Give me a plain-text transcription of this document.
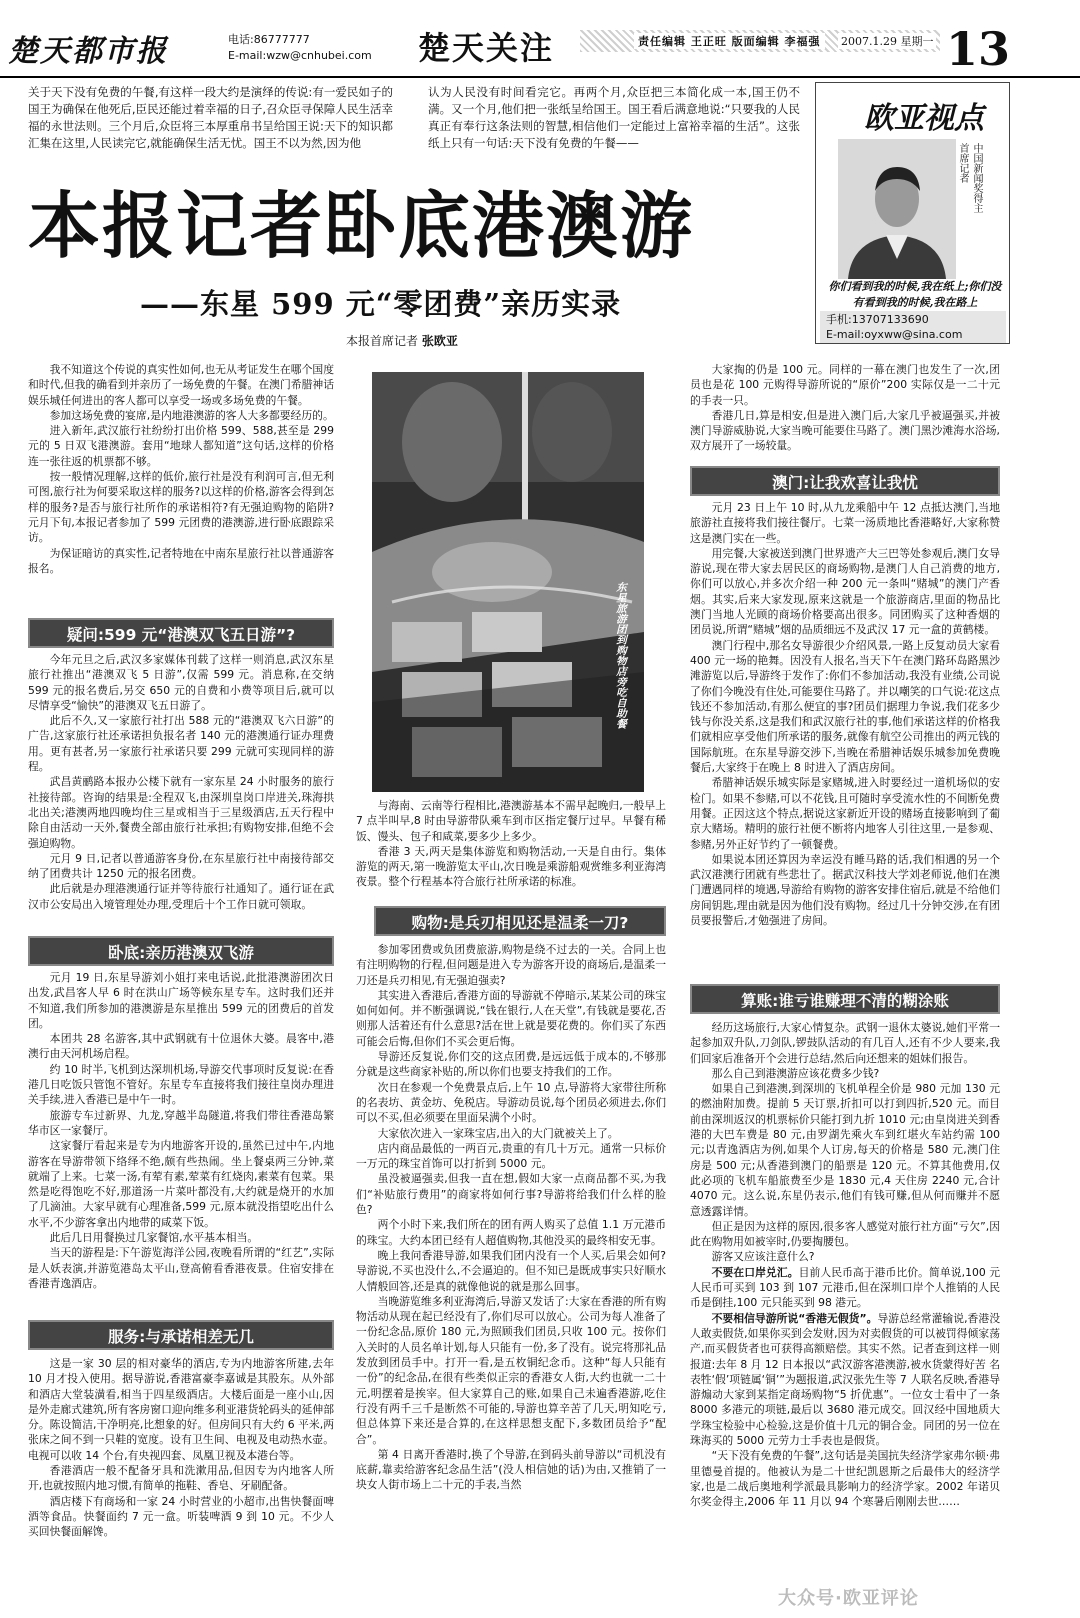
楚天都市报	电话:86777777
E-mail:wzw@cnhubei.com 楚天关注	责任编辑 王正旺 版面编辑 李福强	2007.1.29 星期一 13
关于天下没有免费的午餐,有这样一段大约是演绎的传说:有一爱民如子的国王为确保在他死后,臣民还能过着幸福的日子,召众臣寻保障人民生活幸福的永世法则。三个月后,众臣将三本厚重帛书呈给国王说:天下的知识都汇集在这里,人民读完它,就能确保生活无忧。国王不以为然,因为他
认为人民没有时间看完它。再两个月,众臣把三本简化成一本,国王仍不满。又一个月,他们把一张纸呈给国王。国王看后满意地说:“只要我的人民真正有奉行这条法则的智慧,相信他们一定能过上富裕幸福的生活”。这张纸上只有一句话:天下没有免费的午餐——
本报记者卧底港澳游
——东星 599 元“零团费”亲历实录
本报首席记者 张欧亚
欧亚视点
首席记者 中国新闻奖得主
你们看到我的时候,我在纸上;你们没有看到我的时候,我在路上
手机:13707133690
E-mail:oyxww@sina.com
东星旅游团到购物店旁吃自助餐

我不知道这个传说的真实性如何,也无从考证发生在哪个国度和时代,但我的确看到并亲历了一场免费的午餐。在澳门希腊神话娱乐城任何进出的客人都可以享受一场或多场免费的午餐。

参加这场免费的宴席,是内地港澳游的客人大多都要经历的。

进入新年,武汉旅行社纷纷打出价格 599、588,甚至是 299 元的 5 日双飞港澳游。套用“地球人都知道”这句话,这样的价格连一张往返的机票都不够。

按一般情况理解,这样的低价,旅行社是没有利润可言,但无利可图,旅行社为何要采取这样的服务?以这样的价格,游客会得到怎样的服务?是否与旅行社所作的承诺相符?有无强迫购物的陷阱?元月下旬,本报记者参加了 599 元团费的港澳游,进行卧底跟踪采访。

为保证暗访的真实性,记者特地在中南东星旅行社以普通游客报名。

疑问:599 元“港澳双飞五日游”?

今年元旦之后,武汉多家媒体刊载了这样一则消息,武汉东星旅行社推出“港澳双飞 5 日游”,仅需 599 元。消息称,在交纳 599 元的报名费后,另交 650 元的自费和小费等项目后,就可以尽情享受“愉快”的港澳双飞五日游了。

此后不久,又一家旅行社打出 588 元的“港澳双飞六日游”的广告,这家旅行社还承诺担负报名者 140 元的港澳通行证办理费用。更有甚者,另一家旅行社承诺只要 299 元就可实现同样的游程。

武昌黄鹂路本报办公楼下就有一家东星 24 小时服务的旅行社接待部。咨询的结果是:全程双飞,由深圳皇岗口岸进关,珠海拱北出关;港澳两地四晚均住三星或相当于三星级酒店,五天行程中除自由活动一天外,餐费全部由旅行社承担;有购物安排,但绝不会强迫购物。

元月 9 日,记者以普通游客身份,在东星旅行社中南接待部交纳了团费共计 1250 元的报名团费。

此后就是办理港澳通行证并等待旅行社通知了。通行证在武汉市公安局出入境管理处办理,受理后十个工作日就可领取。

卧底:亲历港澳双飞游

元月 19 日,东星导游刘小姐打来电话说,此批港澳游团次日出发,武昌客人早 6 时在洪山广场等候东星专车。这时我们还并不知道,我们所参加的港澳游是东星推出 599 元的团费后的首发团。

本团共 28 名游客,其中武钢就有十位退休大婆。晨客中,港澳行由天河机场启程。

约 10 时半,飞机到达深圳机场,导游交代事项时反复说:在香港几日吃饭只管饱不管好。东星专车直接将我们接往皇岗办理进关手续,进入香港已是中午一时。

旅游专车过新界、九龙,穿越半岛隧道,将我们带往香港岛繁华市区一家餐厅。

这家餐厅看起来是专为内地游客开设的,虽然已过中午,内地游客在导游带领下络绎不绝,颇有些热闹。坐上餐桌两三分钟,菜就端了上来。七菜一汤,有荤有素,荤菜有红烧肉,素菜有包菜。果然是吃得饱吃不好,那道汤一片菜叶都没有,大约就是烧开的水加了几滴油。大家早就有心理准备,599 元,原本就没指望吃出什么水平,不少游客拿出内地带的咸菜下饭。

此后几日用餐换过几家餐馆,水平基本相当。

当天的游程是:下午游览海洋公园,夜晚看所谓的“红艺”,实际是人妖表演,并游览港岛太平山,登高俯看香港夜景。住宿安排在香港青逸酒店。

服务:与承诺相差无几

这是一家 30 层的相对豪华的酒店,专为内地游客所建,去年 10 月才投入使用。据导游说,香港富豪李嘉诚是其股东。从外部和酒店大堂装潢看,相当于四星级酒店。大楼后面是一座小山,因是外走廊式建筑,所有客房窗口迎向维多利亚港货轮码头的延伸部分。陈设简洁,干净明亮,比想象的好。但房间只有大约 6 平米,两张床之间不到一只鞋的宽度。设有卫生间、电视及电动热水壶。电视可以收 14 个台,有央视四套、凤凰卫视及本港台等。

香港酒店一般不配备牙具和洗漱用品,但因专为内地客人所开,也就按照内地习惯,有简单的拖鞋、香皂、牙刷配备。

酒店楼下有商场和一家 24 小时营业的小超市,出售快餐面啤酒等食品。快餐面约 7 元一盒。听装啤酒 9 到 10 元。不少人买回快餐面解馋。

与海南、云南等行程相比,港澳游基本不需早起晚归,一般早上 7 点半叫早,8 时由导游带队乘车到市区指定餐厅过早。早餐有稀饭、馒头、包子和咸菜,要多少上多少。

香港 3 天,两天是集体游览和购物活动,一天是自由行。集体游览的两天,第一晚游览太平山,次日晚是乘游船观赏维多利亚海湾夜景。整个行程基本符合旅行社所承诺的标准。

购物:是兵刃相见还是温柔一刀?

参加零团费或负团费旅游,购物是绕不过去的一关。合同上也有注明购物的行程,但问题是进入专为游客开设的商场后,是温柔一刀还是兵刃相见,有无强迫强卖?

其实进入香港后,香港方面的导游就不停暗示,某某公司的珠宝如何如何。并不断强调说,“钱在银行,人在天堂”,有钱就是要花,否则那人活着还有什么意思?活在世上就是要花费的。你们买了东西可能会后悔,但你们不买会更后悔。

导游还反复说,你们交的这点团费,是远远低于成本的,不够那分就是这些商家补贴的,所以你们也要支持我们的工作。

次日在参观一个免费景点后,上午 10 点,导游将大家带往所称的名表坊、黄金坊、免税店。导游动员说,每个团员必须进去,你们可以不买,但必须要在里面呆满个小时。

大家依次进入一家珠宝店,出入的大门就被关上了。

店内商品最低的一两百元,贵重的有几十万元。通常一只标价一万元的珠宝首饰可以打折到 5000 元。

虽没被逼强卖,但我一直在想,假如大家一点商品都不买,为我们“补贴旅行费用”的商家将如何行事?导游将给我们什么样的脸色?

两个小时下来,我们所在的团有两人购买了总值 1.1 万元港币的珠宝。大约本团已经有人超值购物,其他没买的最终相安无事。

晚上我问香港导游,如果我们团内没有一个人买,后果会如何?导游说,不买也没什么,不会逼迫的。但不知已是既成事实只好顺水人情般回答,还是真的就像他说的就是那么回事。

当晚游览维多利亚海湾后,导游又发话了:大家在香港的所有购物活动从现在起已经没有了,你们尽可以放心。公司为每人准备了一份纪念品,原价 180 元,为照顾我们团员,只收 100 元。按你们入关时的人员名单计划,每人只能有一份,多了没有。说完将那礼品发放到团员手中。打开一看,是五枚铜纪念币。这种“每人只能有一份”的纪念品,在很有些类似正宗的香港女人街,大约也就一二十元,明摆着是挨宰。但大家算自己的账,如果自己未遍香港游,吃住行没有两千三千是断然不可能的,导游也算辛苦了几天,明知吃亏,但总体算下来还是合算的,在这样思想支配下,多数团员给予“配合”。

第 4 日离开香港时,换了个导游,在到码头前导游以“司机没有底薪,靠卖给游客纪念品生活”(没人相信她的话)为由,又推销了一块女人街市场上二十元的手表,当然

大家掏的仍是 100 元。同样的一幕在澳门也发生了一次,团员也是花 100 元购得导游所说的“原价”200 实际仅是一二十元的手表一只。

香港几日,算是相安,但是进入澳门后,大家几乎被逼强买,并被澳门导游威胁说,大家当晚可能要住马路了。澳门黑沙滩海水浴场,双方展开了一场较量。

澳门:让我欢喜让我忧

元月 23 日上午 10 时,从九龙乘船中午 12 点抵达澳门,当地旅游社直接将我们接往餐厅。七菜一汤质地比香港略好,大家称赞这是澳门实在一些。

用完餐,大家被送到澳门世界遗产大三巴等处参观后,澳门女导游说,现在带大家去居民区的商场购物,是澳门人自己消费的地方,你们可以放心,并多次介绍一种 200 元一条叫“赌城”的澳门产香烟。其实,后来大家发现,原来这就是一个旅游商店,里面的物品比澳门当地人光顾的商场价格要高出很多。同团购买了这种香烟的团员说,所谓“赌城”烟的品质细远不及武汉 17 元一盒的黄鹤楼。

澳门行程中,那名女导游很少介绍风景,一路上反复动员大家看 400 元一场的艳舞。因没有人报名,当天下午在澳门路环岛路黑沙滩游览以后,导游终于发作了:你们不参加活动,我没有业绩,公司说了你们今晚没有住处,可能要住马路了。并以嘲笑的口气说:花这点钱还不参加活动,有那么便宜的事?团员们据理力争说,我们花多少钱与你没关系,这是我们和武汉旅行社的事,他们承诺这样的价格我们就相应享受他们所承诺的服务,就像有航空公司推出的两元钱的国际航班。在东星导游交涉下,当晚在希腊神话娱乐城参加免费晚餐后,大家终于在晚上 8 时进入了酒店房间。

希腊神话娱乐城实际是家赌城,进入时要经过一道机场似的安检门。如果不参赌,可以不花钱,且可随时享受流水性的不间断免费用餐。正因这这个特点,据说这家新近开设的赌场直接影响到了葡京大赌场。精明的旅行社便不断将内地客人引往这里,一是参观、参赌,另外正好节约了一顿餐费。

如果说本团还算因为幸运没有睡马路的话,我们相遇的另一个武汉港澳行团就有些悲壮了。据武汉科技大学刘老师说,他们在澳门遭遇同样的境遇,导游给有购物的游客安排住宿后,就是不给他们房间钥匙,理由就是因为他们没有购物。经过几十分钟交涉,在有团员要报警后,才勉强进了房间。

算账:谁亏谁赚理不清的糊涂账

经历这场旅行,大家心情复杂。武钢一退休太婆说,她们平常一起参加双升队,刀剑队,锣鼓队活动的有几百人,还有不少人要来,我们回家后准备开个会进行总结,然后向还想来的姐妹们报告。

那么自己到港澳游应该花费多少钱?

如果自己到港澳,到深圳的飞机单程全价是 980 元加 130 元的燃油附加费。提前 5 天订票,折扣可以打到四折,520 元。而目前由深圳返汉的机票标价只能打到九折 1010 元;由皇岗进关到香港的大巴车费是 80 元,由罗湖先乘火车到红堪火车站约需 100 元;以青逸酒店为例,如果个人订房,每天的价格是 580 元,澳门住房是 500 元;从香港到澳门的船票是 120 元。不算其他费用,仅此必项的飞机车船旅费至少是 1830 元,4 天住房 2240 元,合计 4070 元。这么说,东星仍表示,他们有钱可赚,但从何而赚并不愿意透露详情。

但正是因为这样的原因,很多客人感觉对旅行社方面“亏欠”,因此在购物用如被宰时,仍要掏腰包。

游客又应该注意什么?

不要在口岸兑汇。目前人民币高于港币比价。简单说,100 元人民币可买到 103 到 107 元港币,但在深圳口岸个人推销的人民币是倒挂,100 元只能买到 98 港元。

不要相信导游所说“香港无假货”。导游总经常灌输说,香港没人敢卖假货,如果你买到会发财,因为对卖假货的可以被罚得倾家荡产,而买假货者也可获得高额赔偿。其实不然。记者查到这样一则报道:去年 8 月 12 日本报以“武汉游客港澳游,被水货蒙得好苦 名表牲‘假’项链属‘铜’”为题报道,武汉张先生等 7 人联名反映,香港导游煽动大家到某指定商场购物“5 折优惠”。一位女士看中了一条 8000 多港元的项链,最后以 3680 港元成交。回汉经中国地质大学珠宝检验中心检验,这是价值十几元的铜合金。同团的另一位在珠海买的 5000 元劳力士手表也是假货。

“天下没有免费的午餐”,这句话是美国抗失经济学家弗尔顿·弗里德曼首提的。他被认为是二十世纪凯恩斯之后最伟大的经济学家,也是二战后奥地利学派最具影响力的经济学家。2002 年诺贝尔奖金得主,2006 年 11 月以 94 个寒暑后刚刚去世……

大众号·欧亚评论
